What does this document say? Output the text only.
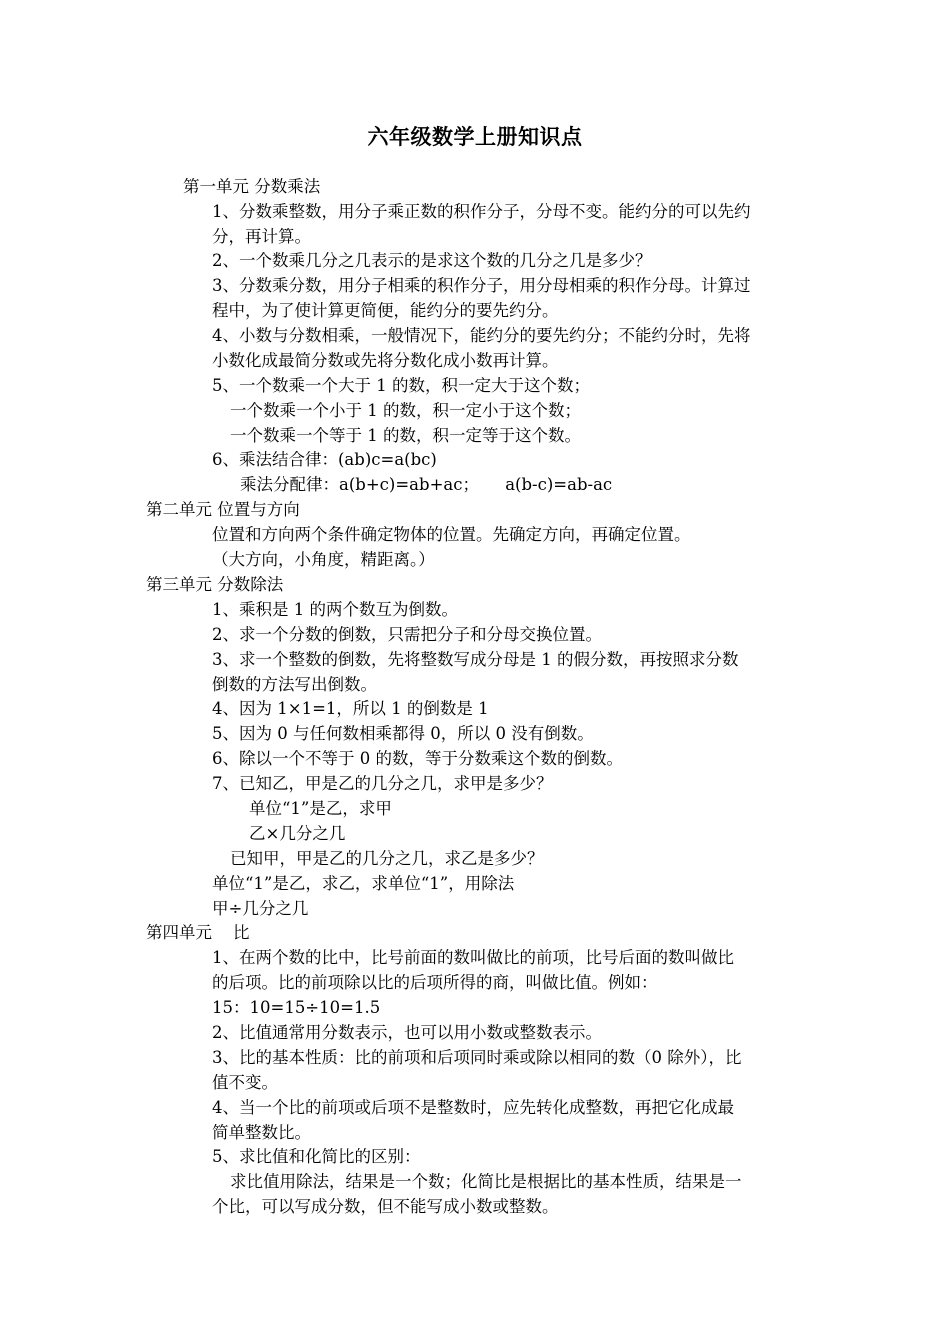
六年级数学上册知识点
第一单元 分数乘法
1、分数乘整数，用分子乘正数的积作分子，分母不变。能约分的可以先约
分，再计算。
2、一个数乘几分之几表示的是求这个数的几分之几是多少？
3、分数乘分数，用分子相乘的积作分子，用分母相乘的积作分母。计算过
程中，为了使计算更简便，能约分的要先约分。
4、小数与分数相乘，一般情况下，能约分的要先约分；不能约分时，先将
小数化成最简分数或先将分数化成小数再计算。
5、一个数乘一个大于 1 的数，积一定大于这个数；
一个数乘一个小于 1 的数，积一定小于这个数；
一个数乘一个等于 1 的数，积一定等于这个数。
6、乘法结合律：(ab)c=a(bc)
乘法分配律：a(b+c)=ab+ac；     a(b-c)=ab-ac
第二单元 位置与方向
位置和方向两个条件确定物体的位置。先确定方向，再确定位置。
（大方向，小角度，精距离。）
第三单元 分数除法
1、乘积是 1 的两个数互为倒数。
2、求一个分数的倒数，只需把分子和分母交换位置。
3、求一个整数的倒数，先将整数写成分母是 1 的假分数，再按照求分数
倒数的方法写出倒数。
4、因为 1×1=1，所以 1 的倒数是 1
5、因为 0 与任何数相乘都得 0，所以 0 没有倒数。
6、除以一个不等于 0 的数，等于分数乘这个数的倒数。
7、已知乙，甲是乙的几分之几，求甲是多少？
单位“1”是乙，求甲
乙×几分之几
已知甲，甲是乙的几分之几，求乙是多少？
单位“1”是乙，求乙，求单位“1”，用除法
甲÷几分之几
第四单元    比
1、在两个数的比中，比号前面的数叫做比的前项，比号后面的数叫做比
的后项。比的前项除以比的后项所得的商，叫做比值。例如：
15：10=15÷10=1.5
2、比值通常用分数表示，也可以用小数或整数表示。
3、比的基本性质：比的前项和后项同时乘或除以相同的数（0 除外），比
值不变。
4、当一个比的前项或后项不是整数时，应先转化成整数，再把它化成最
简单整数比。
5、求比值和化简比的区别：
求比值用除法，结果是一个数；化简比是根据比的基本性质，结果是一
个比，可以写成分数，但不能写成小数或整数。
